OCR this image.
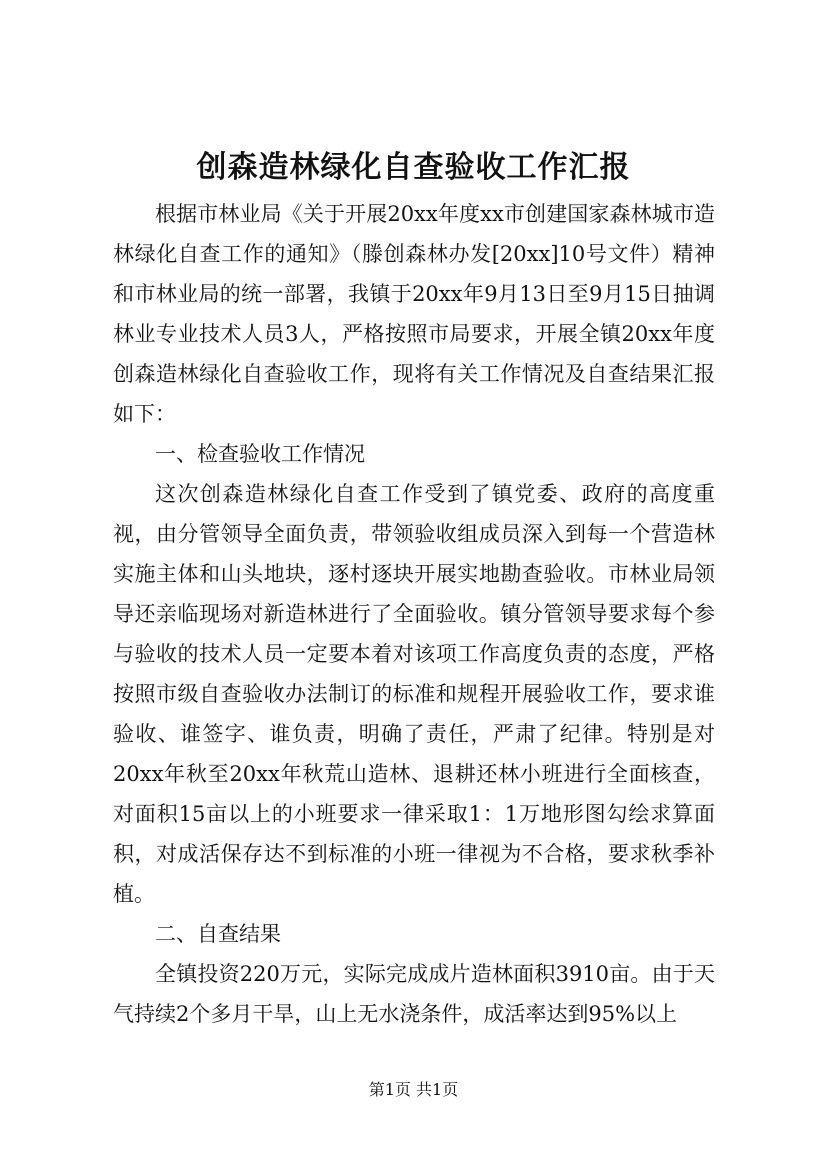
创森造林绿化自查验收工作汇报

根据市林业局《关于开展20xx年度xx市创建国家森林城市造林绿化自查工作的通知》（滕创森林办发[20xx]10号文件）精神和市林业局的统一部署，我镇于20xx年9月13日至9月15日抽调林业专业技术人员3人，严格按照市局要求，开展全镇20xx年度创森造林绿化自查验收工作，现将有关工作情况及自查结果汇报如下：

一、检查验收工作情况

这次创森造林绿化自查工作受到了镇党委、政府的高度重视，由分管领导全面负责，带领验收组成员深入到每一个营造林实施主体和山头地块，逐村逐块开展实地勘查验收。市林业局领导还亲临现场对新造林进行了全面验收。镇分管领导要求每个参与验收的技术人员一定要本着对该项工作高度负责的态度，严格按照市级自查验收办法制订的标准和规程开展验收工作，要求谁验收、谁签字、谁负责，明确了责任，严肃了纪律。特别是对20xx年秋至20xx年秋荒山造林、退耕还林小班进行全面核查，对面积15亩以上的小班要求一律采取1：1万地形图勾绘求算面积，对成活保存达不到标准的小班一律视为不合格，要求秋季补植。

二、自查结果

全镇投资220万元，实际完成成片造林面积3910亩。由于天气持续2个多月干旱，山上无水浇条件，成活率达到95%以上

第1页 共1页
